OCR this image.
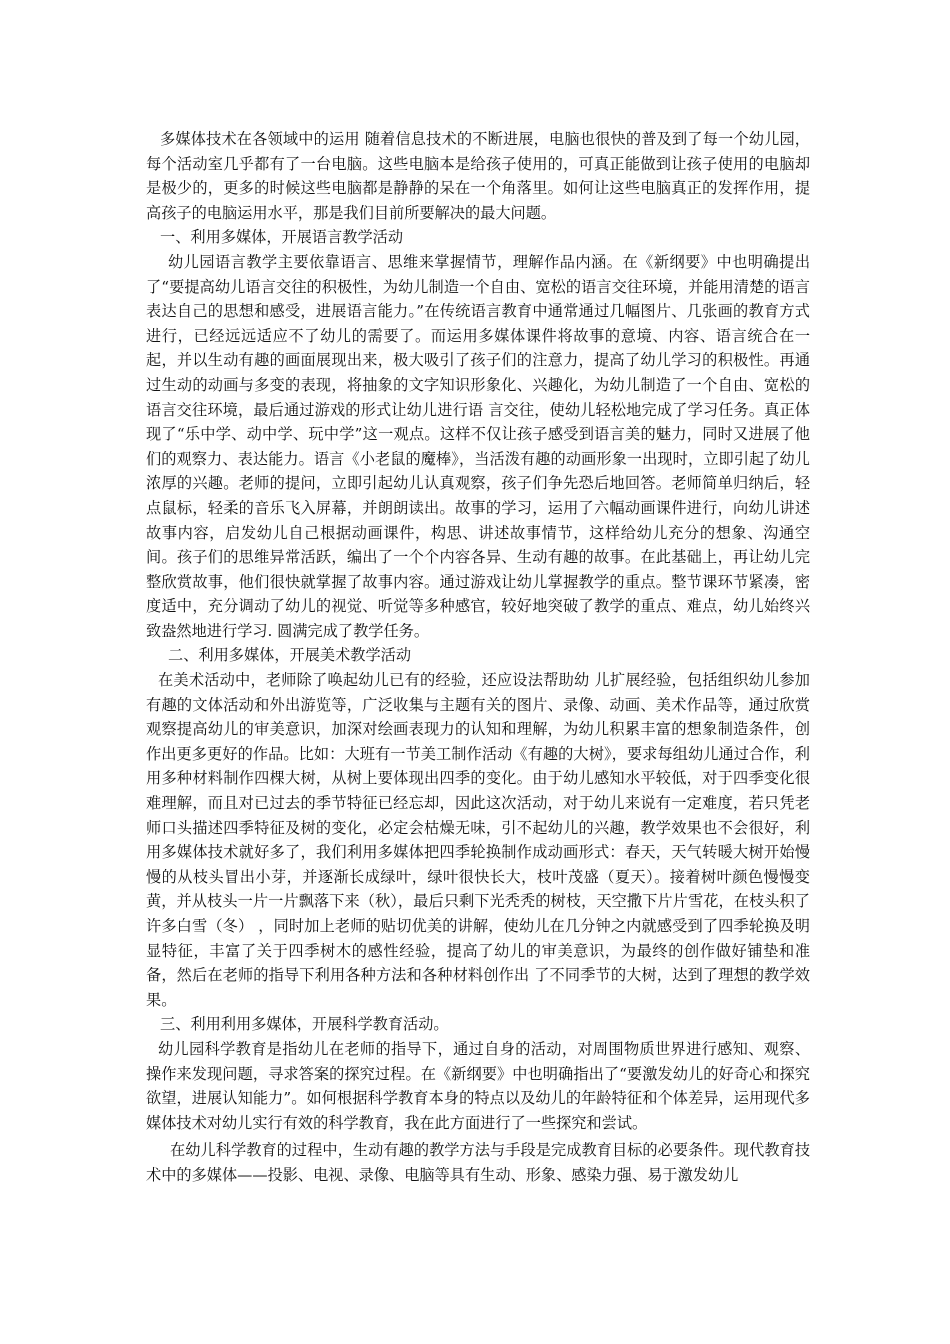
多媒体技术在各领域中的运用 随着信息技术的不断进展，电脑也很快的普及到了每一个幼儿园，每个活动室几乎都有了一台电脑。这些电脑本是给孩子使用的，可真正能做到让孩子使用的电脑却是极少的，更多的时候这些电脑都是静静的呆在一个角落里。如何让这些电脑真正的发挥作用，提高孩子的电脑运用水平，那是我们目前所要解决的最大问题。

一、利用多媒体，开展语言教学活动

幼儿园语言教学主要依靠语言、思维来掌握情节，理解作品内涵。在《新纲要》中也明确提出了“要提高幼儿语言交往的积极性，为幼儿制造一个自由、宽松的语言交往环境，并能用清楚的语言表达自己的思想和感受，进展语言能力。”在传统语言教育中通常通过几幅图片、几张画的教育方式进行，已经远远适应不了幼儿的需要了。而运用多媒体课件将故事的意境、内容、语言统合在一起，并以生动有趣的画面展现出来，极大吸引了孩子们的注意力，提高了幼儿学习的积极性。再通过生动的动画与多变的表现，将抽象的文字知识形象化、兴趣化，为幼儿制造了一个自由、宽松的语言交往环境，最后通过游戏的形式让幼儿进行语 言交往，使幼儿轻松地完成了学习任务。真正体现了“乐中学、动中学、玩中学”这一观点。这样不仅让孩子感受到语言美的魅力，同时又进展了他们的观察力、表达能力。语言《小老鼠的魔棒》，当活泼有趣的动画形象一出现时，立即引起了幼儿浓厚的兴趣。老师的提问，立即引起幼儿认真观察，孩子们争先恐后地回答。老师简单归纳后，轻点鼠标，轻柔的音乐飞入屏幕，并朗朗读出。故事的学习，运用了六幅动画课件进行，向幼儿讲述故事内容，启发幼儿自己根据动画课件，构思、讲述故事情节，这样给幼儿充分的想象、沟通空间。孩子们的思维异常活跃，编出了一个个内容各异、生动有趣的故事。在此基础上，再让幼儿完整欣赏故事，他们很快就掌握了故事内容。通过游戏让幼儿掌握教学的重点。整节课环节紧凑，密度适中，充分调动了幼儿的视觉、听觉等多种感官，较好地突破了教学的重点、难点，幼儿始终兴致盎然地进行学习. 圆满完成了教学任务。

二、利用多媒体，开展美术教学活动

在美术活动中，老师除了唤起幼儿已有的经验，还应设法帮助幼 儿扩展经验，包括组织幼儿参加有趣的文体活动和外出游览等，广泛收集与主题有关的图片、录像、动画、美术作品等，通过欣赏观察提高幼儿的审美意识，加深对绘画表现力的认知和理解，为幼儿积累丰富的想象制造条件，创作出更多更好的作品。比如：大班有一节美工制作活动《有趣的大树》，要求每组幼儿通过合作，利用多种材料制作四棵大树，从树上要体现出四季的变化。由于幼儿感知水平较低，对于四季变化很难理解，而且对已过去的季节特征已经忘却，因此这次活动，对于幼儿来说有一定难度，若只凭老师口头描述四季特征及树的变化，必定会枯燥无味，引不起幼儿的兴趣，教学效果也不会很好，利用多媒体技术就好多了，我们利用多媒体把四季轮换制作成动画形式：春天，天气转暖大树开始慢慢的从枝头冒出小芽，并逐渐长成绿叶，绿叶很快长大，枝叶茂盛（夏天）。接着树叶颜色慢慢变黄，并从枝头一片一片飘落下来（秋），最后只剩下光秃秃的树枝，天空撒下片片雪花，在枝头积了许多白雪（冬） ，同时加上老师的贴切优美的讲解，使幼儿在几分钟之内就感受到了四季轮换及明显特征，丰富了关于四季树木的感性经验，提高了幼儿的审美意识，为最终的创作做好铺垫和准备，然后在老师的指导下利用各种方法和各种材料创作出 了不同季节的大树，达到了理想的教学效果。

三、利用利用多媒体，开展科学教育活动。

幼儿园科学教育是指幼儿在老师的指导下，通过自身的活动，对周围物质世界进行感知、观察、操作来发现问题，寻求答案的探究过程。在《新纲要》中也明确指出了“要激发幼儿的好奇心和探究欲望，进展认知能力”。如何根据科学教育本身的特点以及幼儿的年龄特征和个体差异，运用现代多媒体技术对幼儿实行有效的科学教育，我在此方面进行了一些探究和尝试。

在幼儿科学教育的过程中，生动有趣的教学方法与手段是完成教育目标的必要条件。现代教育技术中的多媒体——投影、电视、录像、电脑等具有生动、形象、感染力强、易于激发幼儿
